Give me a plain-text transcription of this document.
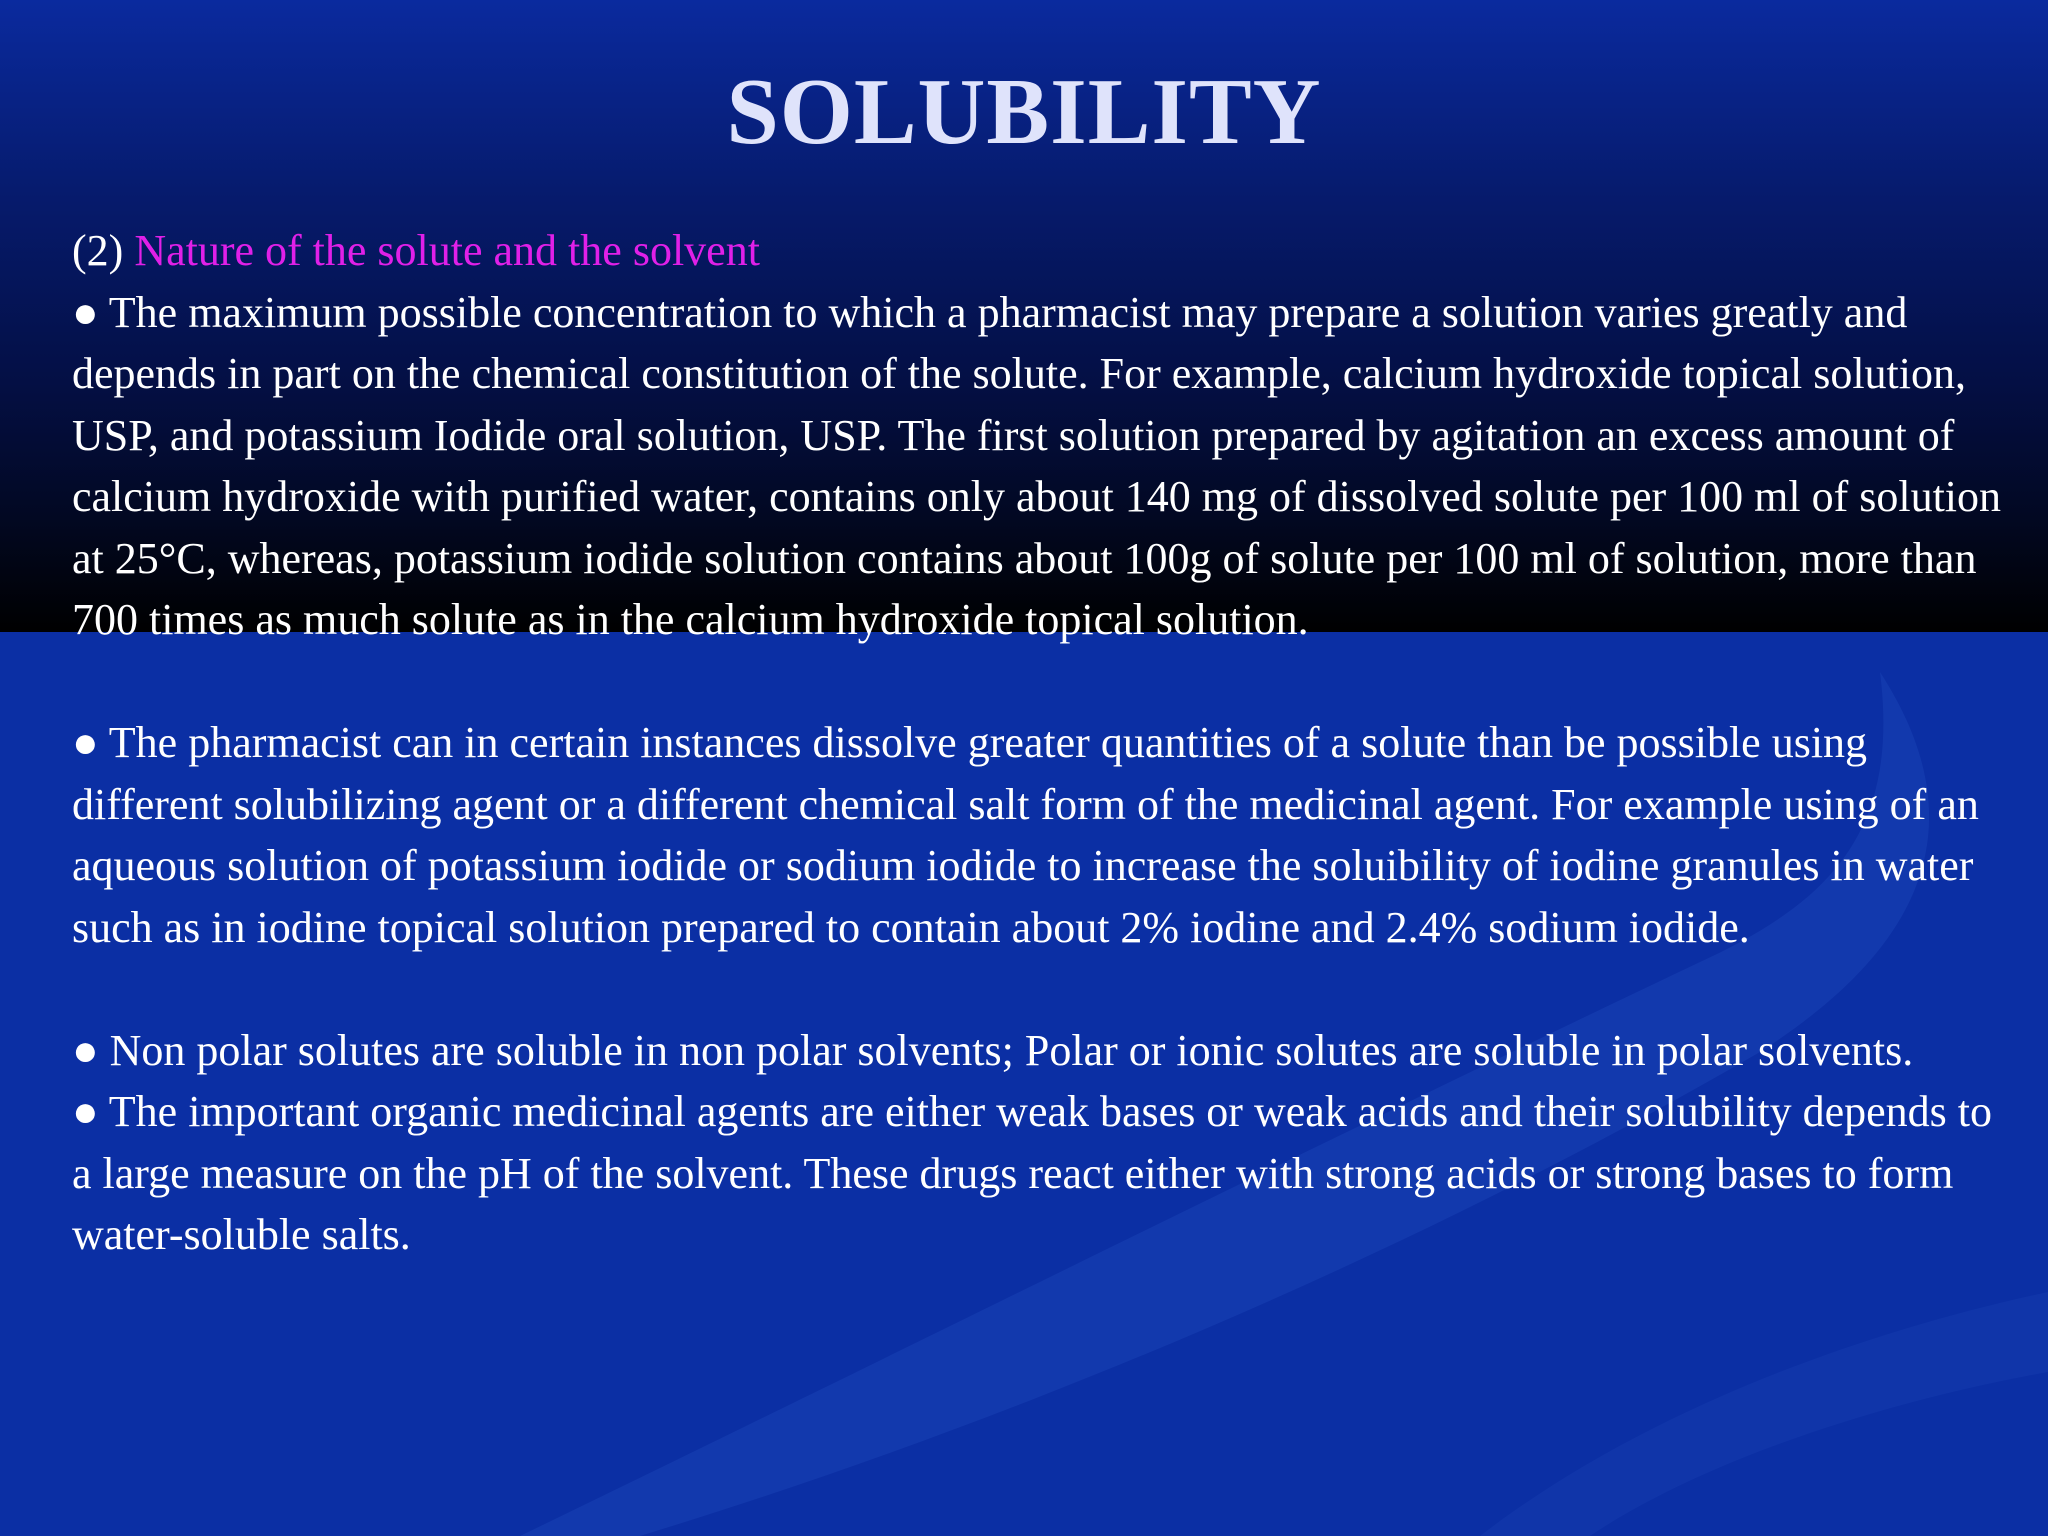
SOLUBILITY

(2) Nature of the solute and the solvent

● The maximum possible concentration to which a pharmacist may prepare a solution varies greatly and depends in part on the chemical constitution of the solute. For example, calcium hydroxide topical solution, USP, and potassium Iodide oral solution, USP. The first solution prepared by agitation an excess amount of calcium hydroxide with purified water, contains only about 140 mg of dissolved solute per 100 ml of solution at 25°C, whereas, potassium iodide solution contains about 100g of solute per 100 ml of solution, more than 700 times as much solute as in the calcium hydroxide topical solution.

● The pharmacist can in certain instances dissolve greater quantities of a solute than be possible using different solubilizing agent or a different chemical salt form of the medicinal agent. For example using of an aqueous solution of potassium iodide or sodium iodide to increase the soluibility of iodine granules in water such as in iodine topical solution prepared to contain about 2% iodine and 2.4% sodium iodide.

● Non polar solutes are soluble in non polar solvents; Polar or ionic solutes are soluble in polar solvents.

● The important organic medicinal agents are either weak bases or weak acids and their solubility depends to a large measure on the pH of the solvent. These drugs react either with strong acids or strong bases to form water-soluble salts.
